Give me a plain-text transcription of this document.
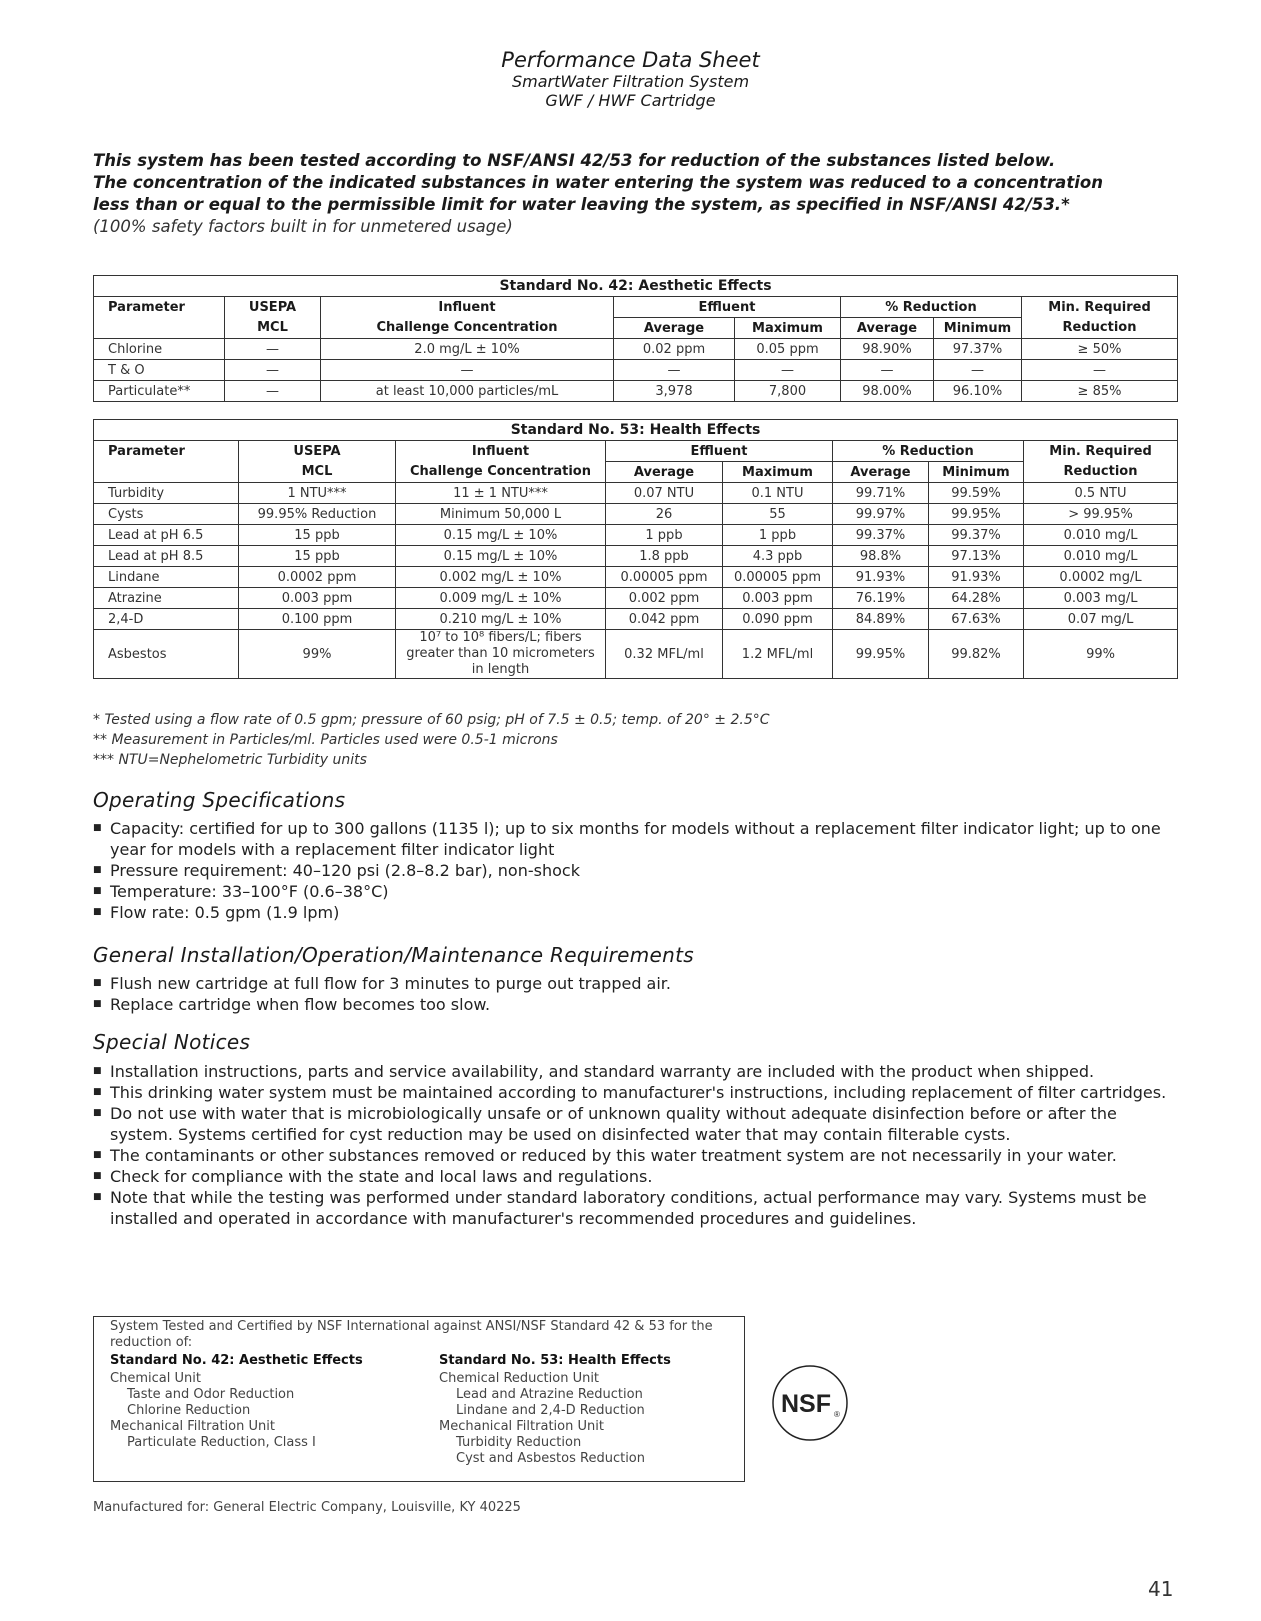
Performance Data Sheet
SmartWater Filtration System
GWF / HWF Cartridge
This system has been tested according to NSF/ANSI 42/53 for reduction of the substances listed below.
The concentration of the indicated substances in water entering the system was reduced to a concentration
less than or equal to the permissible limit for water leaving the system, as specified in NSF/ANSI 42/53.*
(100% safety factors built in for unmetered usage)
Standard No. 42: Aesthetic Effects							
Parameter	USEPA	Influent	Effluent		% Reduction		Min. Required
	MCL	Challenge Concentration	Average	Maximum	Average	Minimum	Reduction
Chlorine	—	2.0 mg/L ± 10%	0.02 ppm	0.05 ppm	98.90%	97.37%	≥ 50%
T & O	—	—	—	—	—	—	—
Particulate**	—	at least 10,000 particles/mL	3,978	7,800	98.00%	96.10%	≥ 85%
Standard No. 53: Health Effects							
Parameter	USEPA	Influent	Effluent		% Reduction		Min. Required
	MCL	Challenge Concentration	Average	Maximum	Average	Minimum	Reduction
Turbidity	1 NTU***	11 ± 1 NTU***	0.07 NTU	0.1 NTU	99.71%	99.59%	0.5 NTU
Cysts	99.95% Reduction	Minimum 50,000 L	26	55	99.97%	99.95%	> 99.95%
Lead at pH 6.5	15 ppb	0.15 mg/L ± 10%	1 ppb	1 ppb	99.37%	99.37%	0.010 mg/L
Lead at pH 8.5	15 ppb	0.15 mg/L ± 10%	1.8 ppb	4.3 ppb	98.8%	97.13%	0.010 mg/L
Lindane	0.0002 ppm	0.002 mg/L ± 10%	0.00005 ppm	0.00005 ppm	91.93%	91.93%	0.0002 mg/L
Atrazine	0.003 ppm	0.009 mg/L ± 10%	0.002 ppm	0.003 ppm	76.19%	64.28%	0.003 mg/L
2,4-D	0.100 ppm	0.210 mg/L ± 10%	0.042 ppm	0.090 ppm	84.89%	67.63%	0.07 mg/L
Asbestos	99%	10⁷ to 10⁸ fibers/L; fibers greater than 10 micrometers in length	0.32 MFL/ml	1.2 MFL/ml	99.95%	99.82%	99%
* Tested using a flow rate of 0.5 gpm; pressure of 60 psig; pH of 7.5 ± 0.5; temp. of 20° ± 2.5°C
** Measurement in Particles/ml. Particles used were 0.5-1 microns
*** NTU=Nephelometric Turbidity units
Operating Specifications
■ Capacity: certified for up to 300 gallons (1135 l); up to six months for models without a replacement filter indicator light; up to one year for models with a replacement filter indicator light
■ Pressure requirement: 40–120 psi (2.8–8.2 bar), non-shock
■ Temperature: 33–100°F (0.6–38°C)
■ Flow rate: 0.5 gpm (1.9 lpm)
General Installation/Operation/Maintenance Requirements
■ Flush new cartridge at full flow for 3 minutes to purge out trapped air.
■ Replace cartridge when flow becomes too slow.
Special Notices
■ Installation instructions, parts and service availability, and standard warranty are included with the product when shipped.
■ This drinking water system must be maintained according to manufacturer's instructions, including replacement of filter cartridges.
■ Do not use with water that is microbiologically unsafe or of unknown quality without adequate disinfection before or after the system. Systems certified for cyst reduction may be used on disinfected water that may contain filterable cysts.
■ The contaminants or other substances removed or reduced by this water treatment system are not necessarily in your water.
■ Check for compliance with the state and local laws and regulations.
■ Note that while the testing was performed under standard laboratory conditions, actual performance may vary. Systems must be installed and operated in accordance with manufacturer's recommended procedures and guidelines.
System Tested and Certified by NSF International against ANSI/NSF Standard 42 & 53 for the reduction of:
Standard No. 42: Aesthetic Effects
Chemical Unit
Taste and Odor Reduction
Chlorine Reduction
Mechanical Filtration Unit
Particulate Reduction, Class I
Standard No. 53: Health Effects
Chemical Reduction Unit
Lead and Atrazine Reduction
Lindane and 2,4-D Reduction
Mechanical Filtration Unit
Turbidity Reduction
Cyst and Asbestos Reduction
NSF ®
Manufactured for: General Electric Company, Louisville, KY 40225
41
